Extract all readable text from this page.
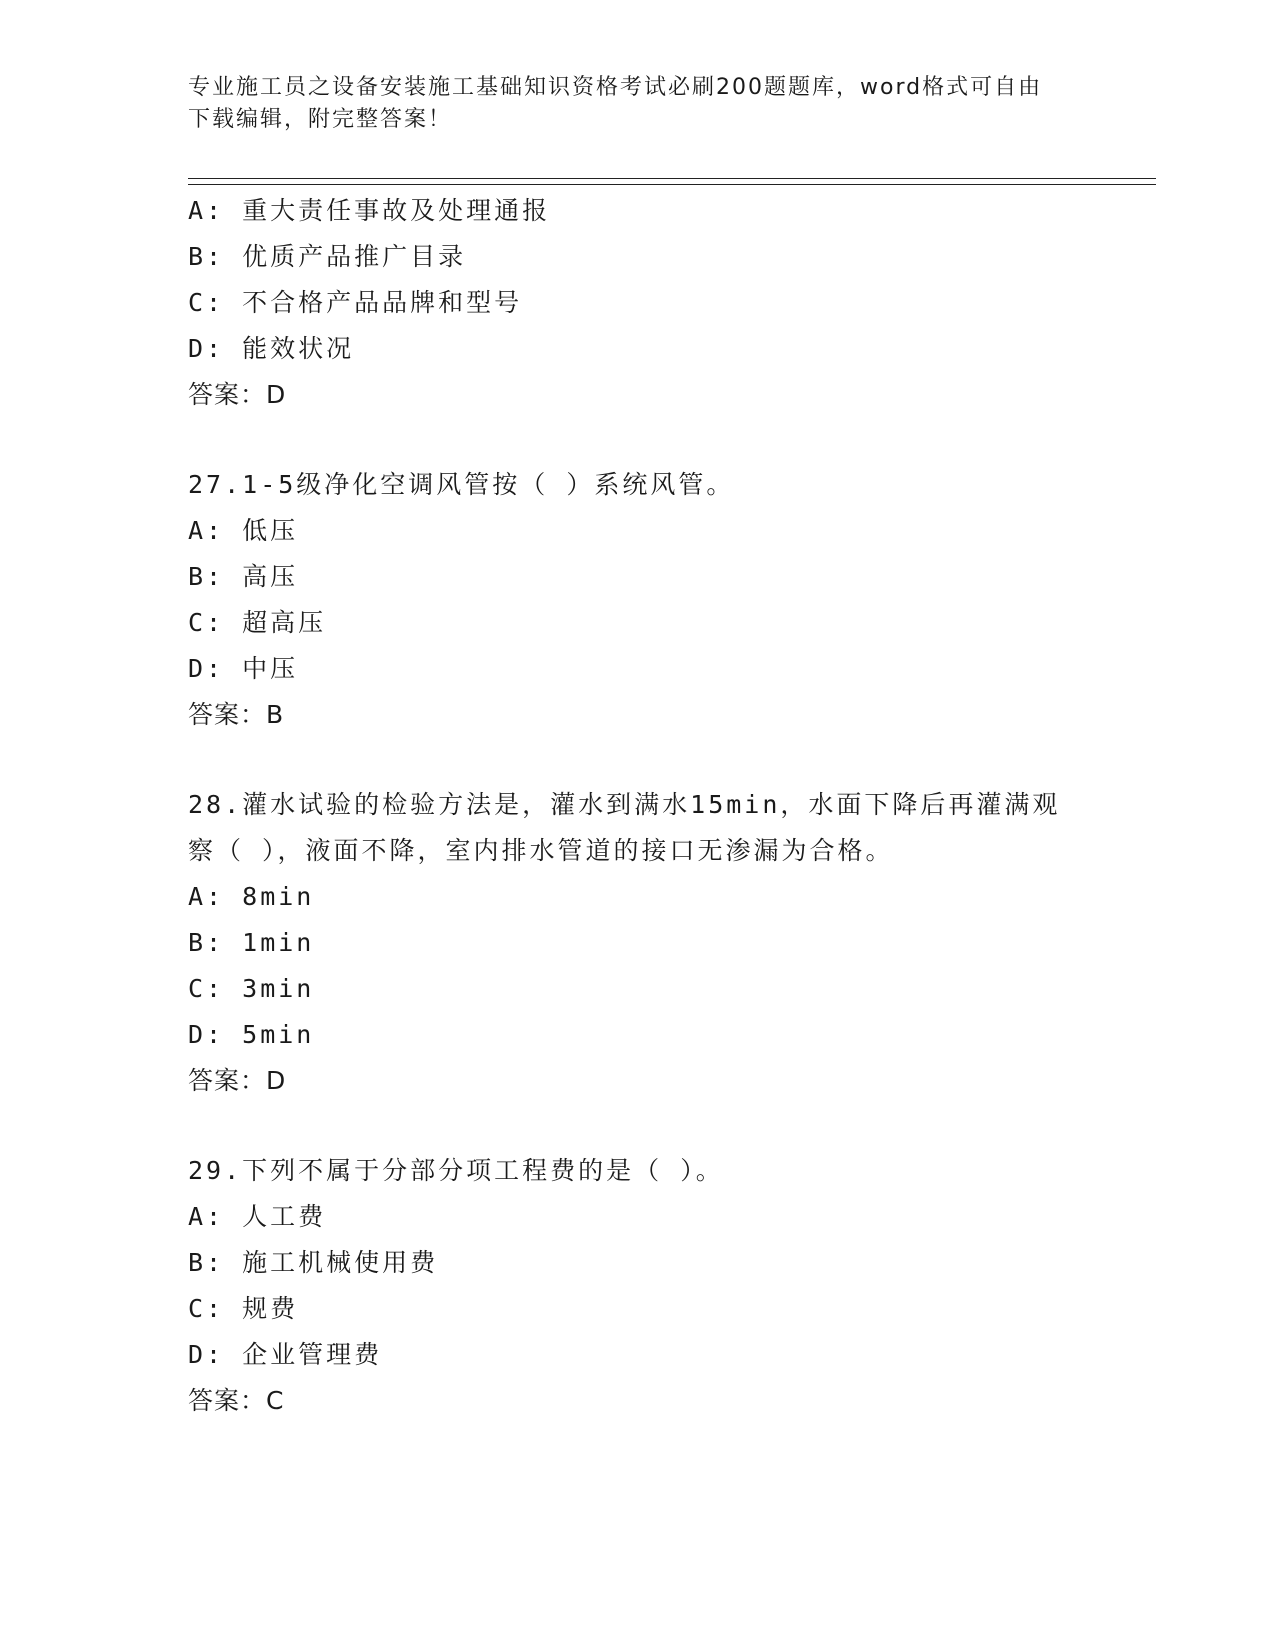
专业施工员之设备安装施工基础知识资格考试必刷200题题库，word格式可自由
下载编辑，附完整答案！
A: 重大责任事故及处理通报
B: 优质产品推广目录
C: 不合格产品品牌和型号
D: 能效状况
答案：D
27.1-5级净化空调风管按（ ）系统风管。
A: 低压
B: 高压
C: 超高压
D: 中压
答案：B
28.灌水试验的检验方法是，灌水到满水15min，水面下降后再灌满观
察（ ），液面不降，室内排水管道的接口无渗漏为合格。
A: 8min
B: 1min
C: 3min
D: 5min
答案：D
29.下列不属于分部分项工程费的是（ ）。
A: 人工费
B: 施工机械使用费
C: 规费
D: 企业管理费
答案：C
